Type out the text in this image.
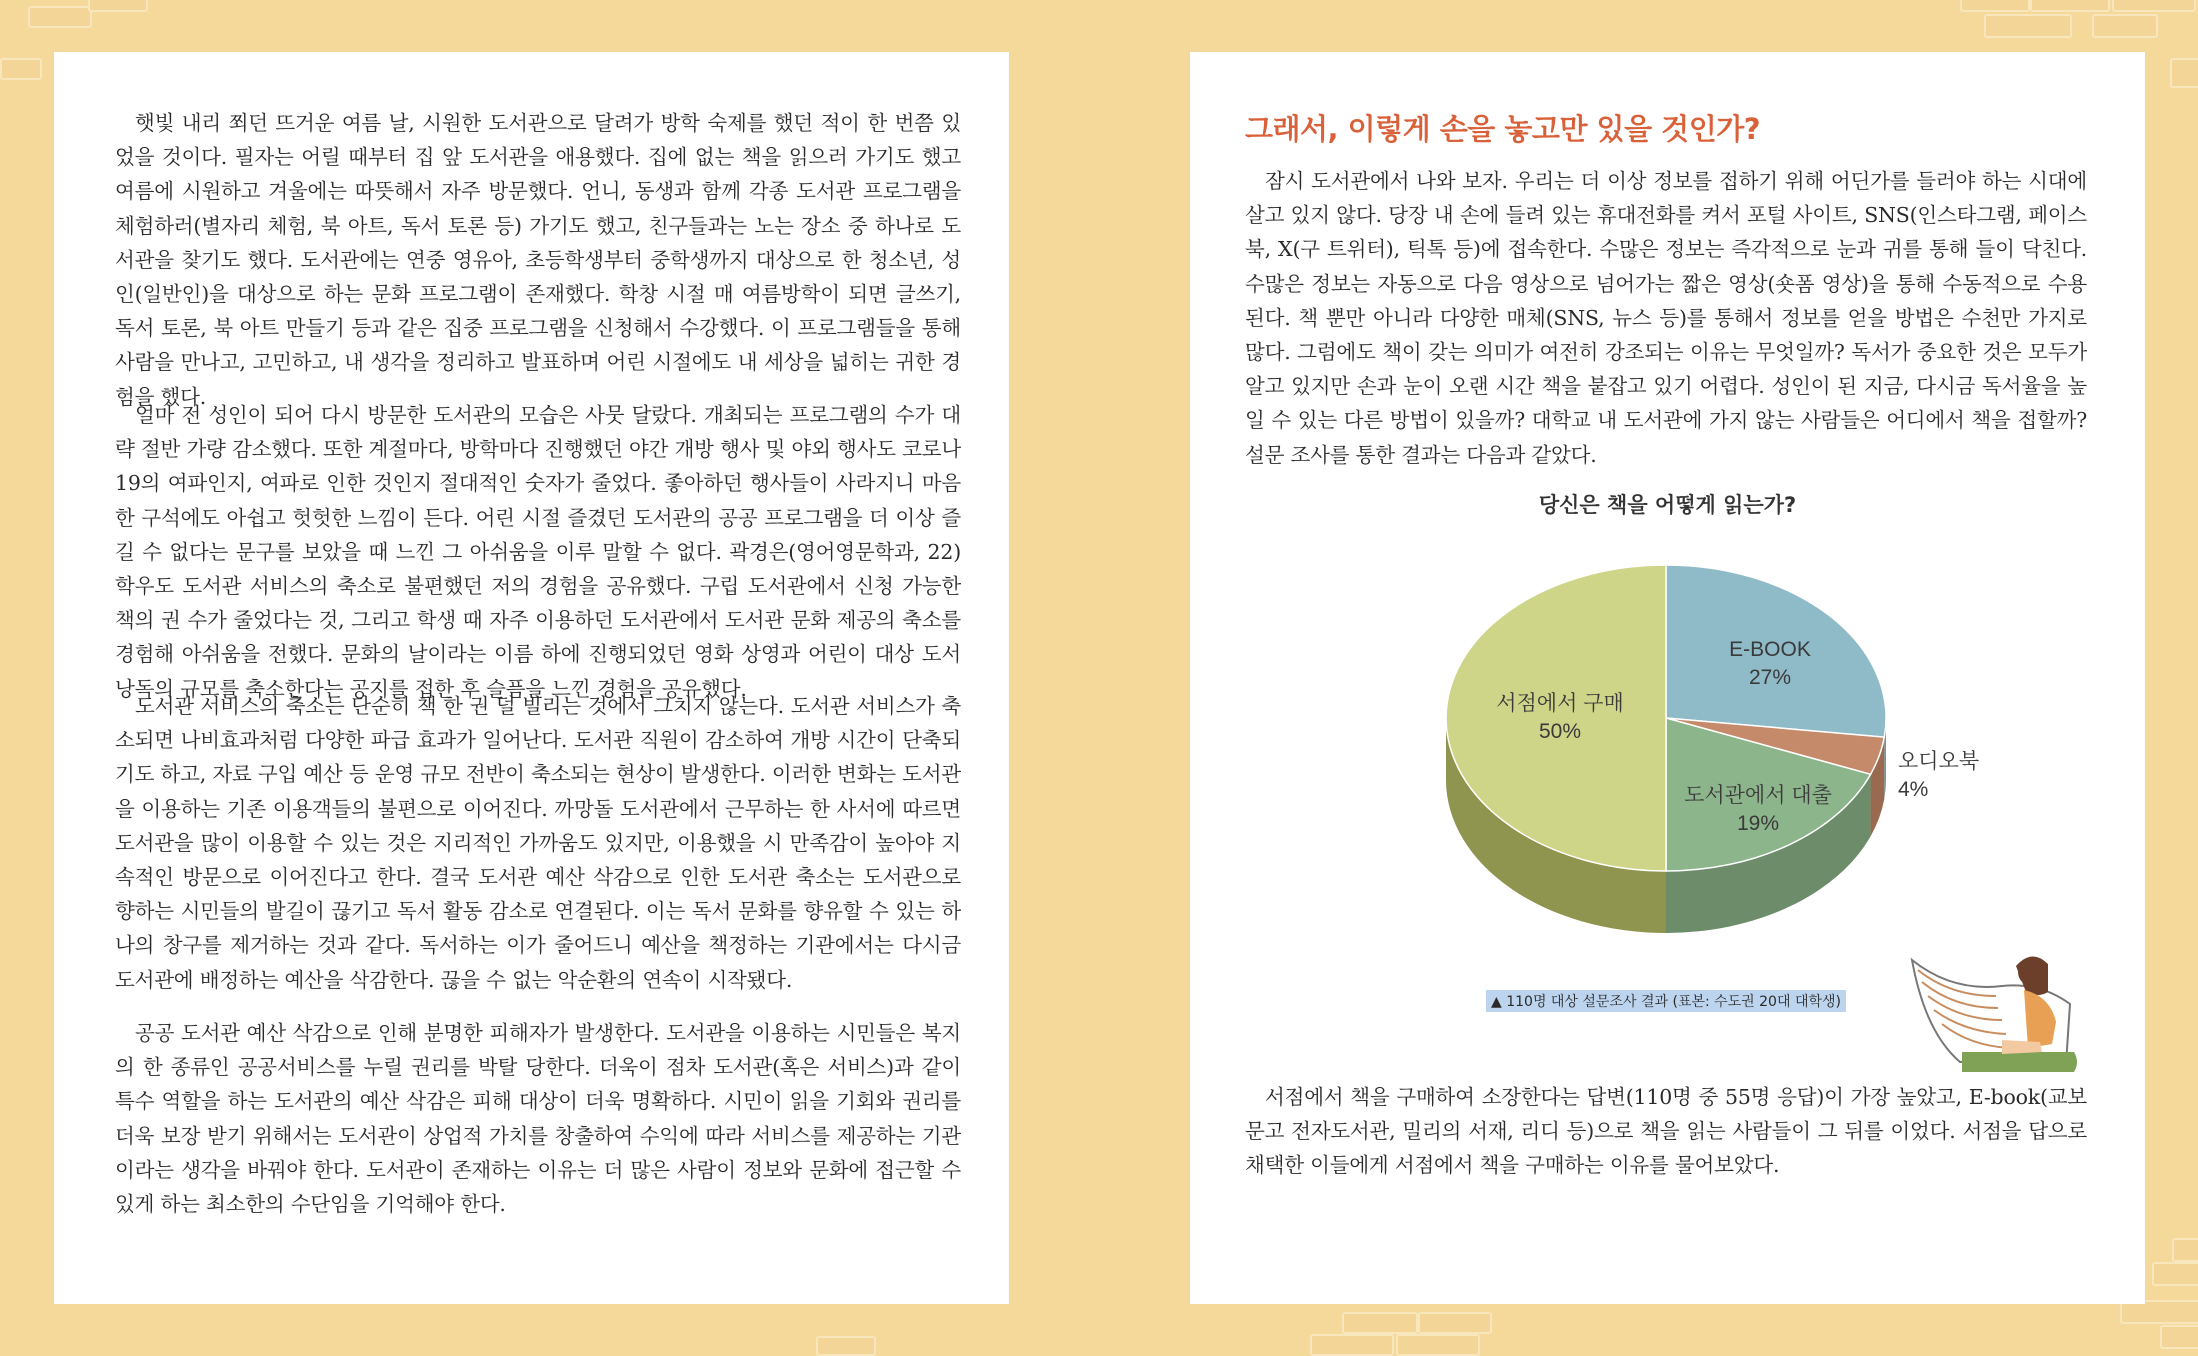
햇빛 내리 쬐던 뜨거운 여름 날, 시원한 도서관으로 달려가 방학 숙제를 했던 적이 한 번쯤 있었을 것이다. 필자는 어릴 때부터 집 앞 도서관을 애용했다. 집에 없는 책을 읽으러 가기도 했고 여름에 시원하고 겨울에는 따뜻해서 자주 방문했다. 언니, 동생과 함께 각종 도서관 프로그램을 체험하러(별자리 체험, 북 아트, 독서 토론 등) 가기도 했고, 친구들과는 노는 장소 중 하나로 도서관을 찾기도 했다. 도서관에는 연중 영유아, 초등학생부터 중학생까지 대상으로 한 청소년, 성인(일반인)을 대상으로 하는 문화 프로그램이 존재했다. 학창 시절 매 여름방학이 되면 글쓰기, 독서 토론, 북 아트 만들기 등과 같은 집중 프로그램을 신청해서 수강했다. 이 프로그램들을 통해 사람을 만나고, 고민하고, 내 생각을 정리하고 발표하며 어린 시절에도 내 세상을 넓히는 귀한 경험을 했다.

얼마 전 성인이 되어 다시 방문한 도서관의 모습은 사뭇 달랐다. 개최되는 프로그램의 수가 대략 절반 가량 감소했다. 또한 계절마다, 방학마다 진행했던 야간 개방 행사 및 야외 행사도 코로나19의 여파인지, 여파로 인한 것인지 절대적인 숫자가 줄었다. 좋아하던 행사들이 사라지니 마음 한 구석에도 아쉽고 헛헛한 느낌이 든다. 어린 시절 즐겼던 도서관의 공공 프로그램을 더 이상 즐길 수 없다는 문구를 보았을 때 느낀 그 아쉬움을 이루 말할 수 없다. 곽경은(영어영문학과, 22) 학우도 도서관 서비스의 축소로 불편했던 저의 경험을 공유했다. 구립 도서관에서 신청 가능한 책의 권 수가 줄었다는 것, 그리고 학생 때 자주 이용하던 도서관에서 도서관 문화 제공의 축소를 경험해 아쉬움을 전했다. 문화의 날이라는 이름 하에 진행되었던 영화 상영과 어린이 대상 도서 낭독의 규모를 축소한다는 공지를 접한 후 슬픔을 느낀 경험을 공유했다.

도서관 서비스의 축소는 단순히 책 한 권 덜 빌리는 것에서 그치지 않는다. 도서관 서비스가 축소되면 나비효과처럼 다양한 파급 효과가 일어난다. 도서관 직원이 감소하여 개방 시간이 단축되기도 하고, 자료 구입 예산 등 운영 규모 전반이 축소되는 현상이 발생한다. 이러한 변화는 도서관을 이용하는 기존 이용객들의 불편으로 이어진다. 까망돌 도서관에서 근무하는 한 사서에 따르면 도서관을 많이 이용할 수 있는 것은 지리적인 가까움도 있지만, 이용했을 시 만족감이 높아야 지속적인 방문으로 이어진다고 한다. 결국 도서관 예산 삭감으로 인한 도서관 축소는 도서관으로 향하는 시민들의 발길이 끊기고 독서 활동 감소로 연결된다. 이는 독서 문화를 향유할 수 있는 하나의 창구를 제거하는 것과 같다. 독서하는 이가 줄어드니 예산을 책정하는 기관에서는 다시금 도서관에 배정하는 예산을 삭감한다. 끊을 수 없는 악순환의 연속이 시작됐다.

공공 도서관 예산 삭감으로 인해 분명한 피해자가 발생한다. 도서관을 이용하는 시민들은 복지의 한 종류인 공공서비스를 누릴 권리를 박탈 당한다. 더욱이 점차 도서관(혹은 서비스)과 같이 특수 역할을 하는 도서관의 예산 삭감은 피해 대상이 더욱 명확하다. 시민이 읽을 기회와 권리를 더욱 보장 받기 위해서는 도서관이 상업적 가치를 창출하여 수익에 따라 서비스를 제공하는 기관이라는 생각을 바꿔야 한다. 도서관이 존재하는 이유는 더 많은 사람이 정보와 문화에 접근할 수 있게 하는 최소한의 수단임을 기억해야 한다.

그래서, 이렇게 손을 놓고만 있을 것인가?

잠시 도서관에서 나와 보자. 우리는 더 이상 정보를 접하기 위해 어딘가를 들러야 하는 시대에 살고 있지 않다. 당장 내 손에 들려 있는 휴대전화를 켜서 포털 사이트, SNS(인스타그램, 페이스북, X(구 트위터), 틱톡 등)에 접속한다. 수많은 정보는 즉각적으로 눈과 귀를 통해 들이 닥친다. 수많은 정보는 자동으로 다음 영상으로 넘어가는 짧은 영상(숏폼 영상)을 통해 수동적으로 수용된다. 책 뿐만 아니라 다양한 매체(SNS, 뉴스 등)를 통해서 정보를 얻을 방법은 수천만 가지로 많다. 그럼에도 책이 갖는 의미가 여전히 강조되는 이유는 무엇일까? 독서가 중요한 것은 모두가 알고 있지만 손과 눈이 오랜 시간 책을 붙잡고 있기 어렵다. 성인이 된 지금, 다시금 독서율을 높일 수 있는 다른 방법이 있을까? 대학교 내 도서관에 가지 않는 사람들은 어디에서 책을 접할까? 설문 조사를 통한 결과는 다음과 같았다.

당신은 책을 어떻게 읽는가?
E-BOOK
27%
오디오북
4%
도서관에서 대출
19%
서점에서 구매
50%
▲ 110명 대상 설문조사 결과 (표본: 수도권 20대 대학생)

서점에서 책을 구매하여 소장한다는 답변(110명 중 55명 응답)이 가장 높았고, E-book(교보문고 전자도서관, 밀리의 서재, 리디 등)으로 책을 읽는 사람들이 그 뒤를 이었다. 서점을 답으로 채택한 이들에게 서점에서 책을 구매하는 이유를 물어보았다.
